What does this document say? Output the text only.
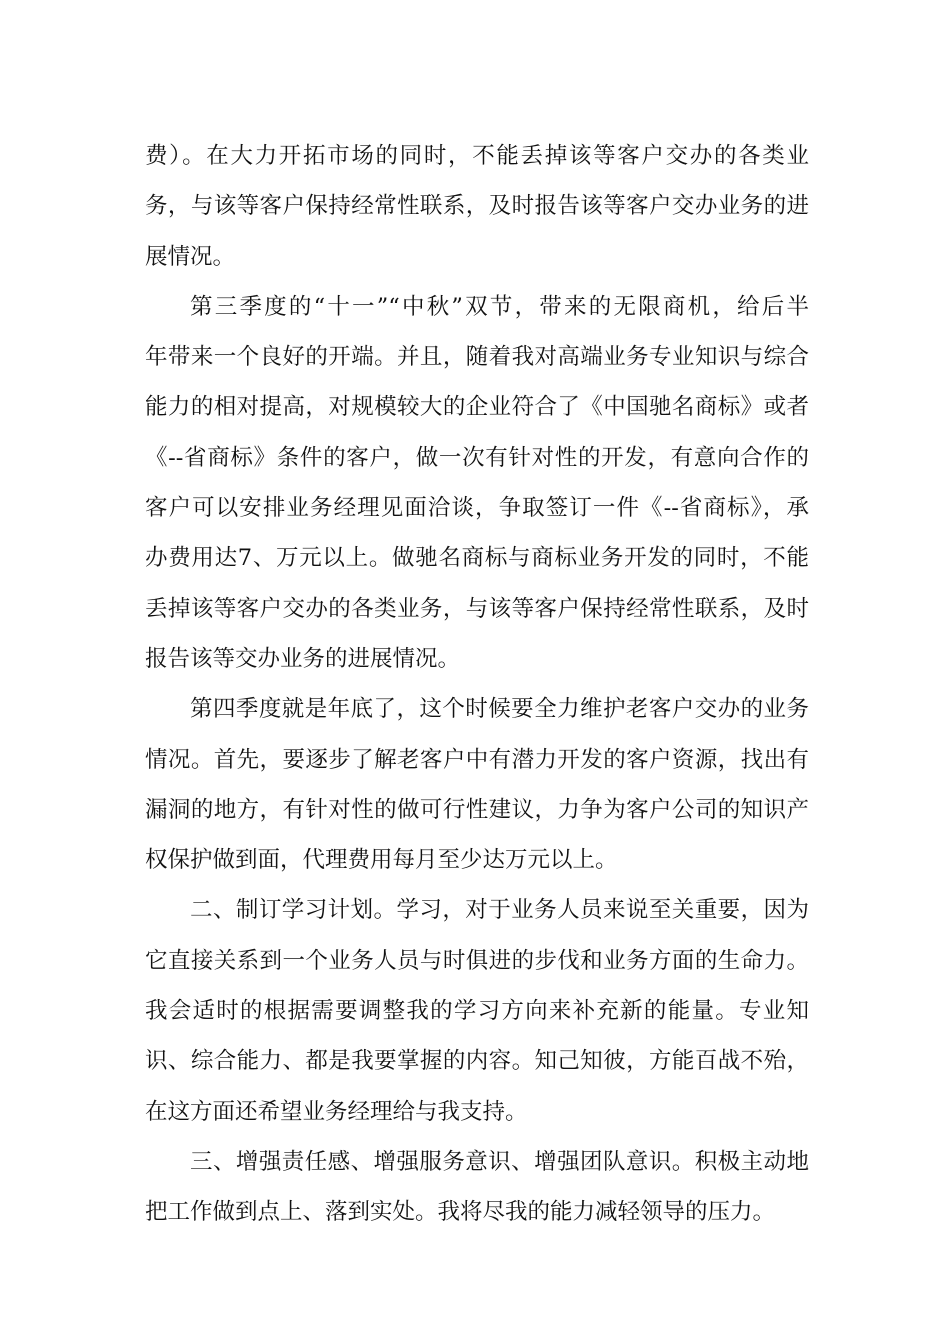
费）。在大力开拓市场的同时，不能丢掉该等客户交办的各类业

务，与该等客户保持经常性联系，及时报告该等客户交办业务的进

展情况。

第三季度的“十一”“中秋”双节，带来的无限商机，给后半

年带来一个良好的开端。并且，随着我对高端业务专业知识与综合

能力的相对提高，对规模较大的企业符合了《中国驰名商标》或者

《--省商标》条件的客户，做一次有针对性的开发，有意向合作的

客户可以安排业务经理见面洽谈，争取签订一件《--省商标》，承

办费用达7、万元以上。做驰名商标与商标业务开发的同时，不能

丢掉该等客户交办的各类业务，与该等客户保持经常性联系，及时

报告该等交办业务的进展情况。

第四季度就是年底了，这个时候要全力维护老客户交办的业务

情况。首先，要逐步了解老客户中有潜力开发的客户资源，找出有

漏洞的地方，有针对性的做可行性建议，力争为客户公司的知识产

权保护做到面，代理费用每月至少达万元以上。

二、制订学习计划。学习，对于业务人员来说至关重要，因为

它直接关系到一个业务人员与时俱进的步伐和业务方面的生命力。

我会适时的根据需要调整我的学习方向来补充新的能量。专业知

识、综合能力、都是我要掌握的内容。知己知彼，方能百战不殆，

在这方面还希望业务经理给与我支持。

三、增强责任感、增强服务意识、增强团队意识。积极主动地

把工作做到点上、落到实处。我将尽我的能力减轻领导的压力。
